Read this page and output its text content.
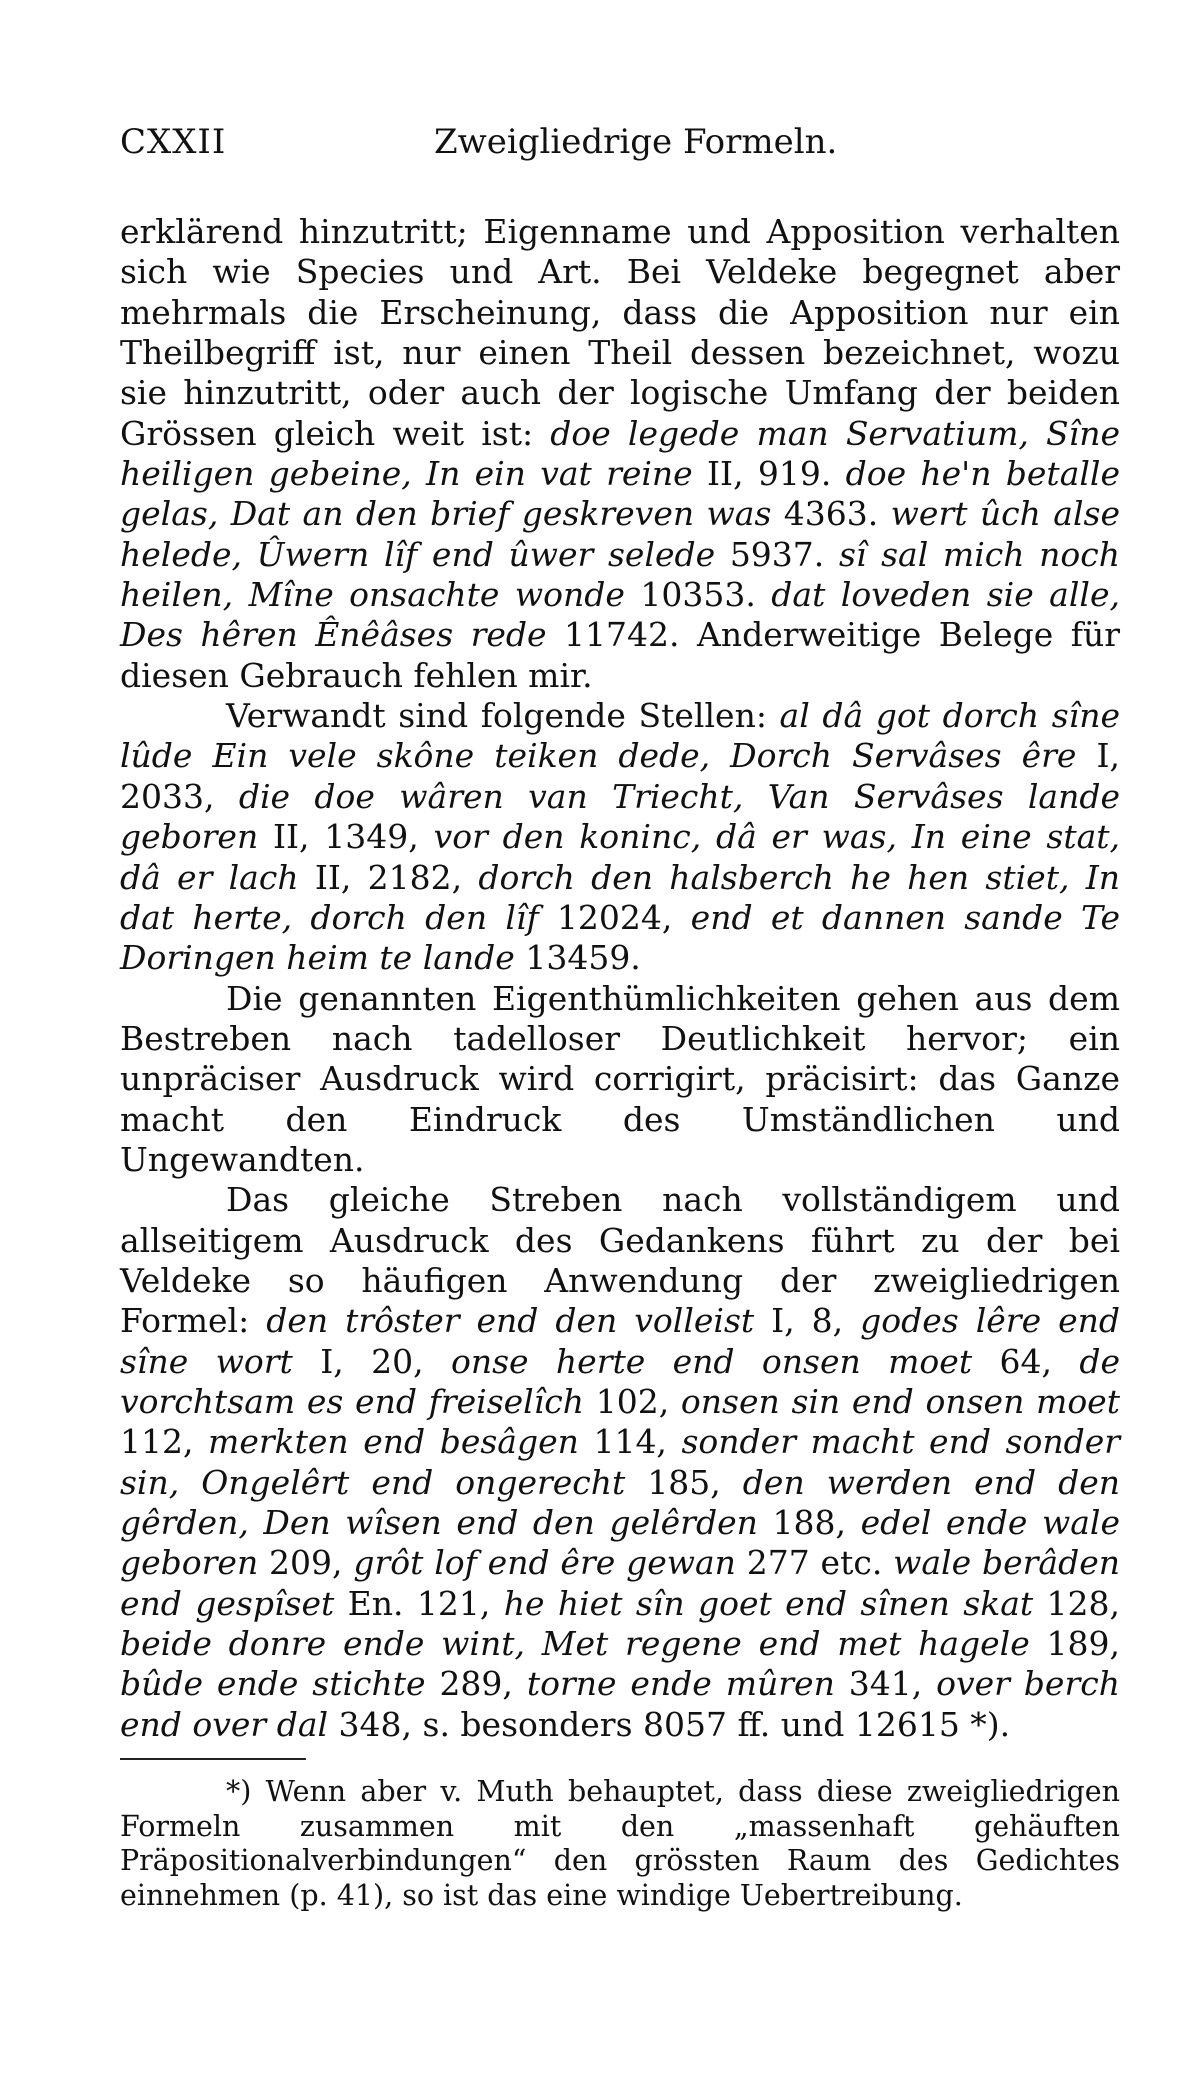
CXXII	Zweigliedrige Formeln.

erklärend hinzutritt; Eigenname und Apposition verhalten sich wie Species und Art. Bei Veldeke begegnet aber mehrmals die Erscheinung, dass die Apposition nur ein Theilbegriff ist, nur einen Theil dessen bezeichnet, wozu sie hinzutritt, oder auch der logische Umfang der beiden Grössen gleich weit ist: doe legede man Servatium, Sîne heiligen gebeine, In ein vat reine II, 919. doe he'n betalle gelas, Dat an den brief geskreven was 4363. wert ûch alse helede, Ûwern lîf end ûwer selede 5937. sî sal mich noch heilen, Mîne onsachte wonde 10353. dat loveden sie alle, Des hêren Ênêâses rede 11742. Anderweitige Belege für diesen Gebrauch fehlen mir.

Verwandt sind folgende Stellen: al dâ got dorch sîne lûde Ein vele skône teiken dede, Dorch Servâses êre I, 2033, die doe wâren van Triecht, Van Servâses lande geboren II, 1349, vor den koninc, dâ er was, In eine stat, dâ er lach II, 2182, dorch den halsberch he hen stiet, In dat herte, dorch den lîf 12024, end et dannen sande Te Doringen heim te lande 13459.

Die genannten Eigenthümlichkeiten gehen aus dem Bestreben nach tadelloser Deutlichkeit hervor; ein unpräciser Ausdruck wird corrigirt, präcisirt: das Ganze macht den Eindruck des Umständlichen und Ungewandten.

Das gleiche Streben nach vollständigem und allseitigem Ausdruck des Gedankens führt zu der bei Veldeke so häufigen Anwendung der zweigliedrigen Formel: den trôster end den volleist I, 8, godes lêre end sîne wort I, 20, onse herte end onsen moet 64, de vorchtsam es end freiselîch 102, onsen sin end onsen moet 112, merkten end besâgen 114, sonder macht end sonder sin, Ongelêrt end ongerecht 185, den werden end den gêrden, Den wîsen end den gelêrden 188, edel ende wale geboren 209, grôt lof end êre gewan 277 etc. wale berâden end gespîset En. 121, he hiet sîn goet end sînen skat 128, beide donre ende wint, Met regene end met hagele 189, bûde ende stichte 289, torne ende mûren 341, over berch end over dal 348, s. besonders 8057 ff. und 12615 *).

*) Wenn aber v. Muth behauptet, dass diese zweigliedrigen Formeln zusammen mit den „massenhaft gehäuften Präpositionalverbindungen“ den grössten Raum des Gedichtes einnehmen (p. 41), so ist das eine windige Uebertreibung.
